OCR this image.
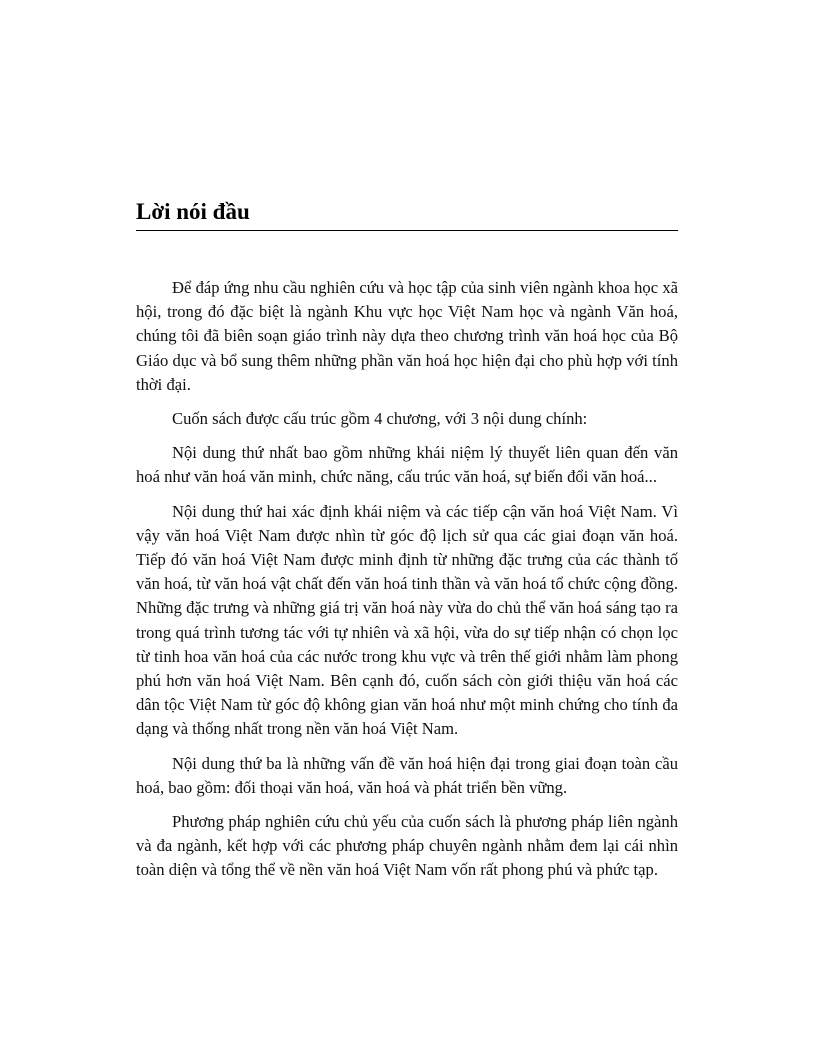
Lời nói đầu

Để đáp ứng nhu cầu nghiên cứu và học tập của sinh viên ngành khoa học xã hội, trong đó đặc biệt là ngành Khu vực học Việt Nam học và ngành Văn hoá, chúng tôi đã biên soạn giáo trình này dựa theo chương trình văn hoá học của Bộ Giáo dục và bổ sung thêm những phần văn hoá học hiện đại cho phù hợp với tính thời đại.

Cuốn sách được cấu trúc gồm 4 chương, với 3 nội dung chính:

Nội dung thứ nhất bao gồm những khái niệm lý thuyết liên quan đến văn hoá như văn hoá văn minh, chức năng, cấu trúc văn hoá, sự biến đổi văn hoá...

Nội dung thứ hai xác định khái niệm và các tiếp cận văn hoá Việt Nam. Vì vậy văn hoá Việt Nam được nhìn từ góc độ lịch sử qua các giai đoạn văn hoá. Tiếp đó văn hoá Việt Nam được minh định từ những đặc trưng của các thành tố văn hoá, từ văn hoá vật chất đến văn hoá tinh thần và văn hoá tổ chức cộng đồng. Những đặc trưng và những giá trị văn hoá này vừa do chủ thể văn hoá sáng tạo ra trong quá trình tương tác với tự nhiên và xã hội, vừa do sự tiếp nhận có chọn lọc từ tinh hoa văn hoá của các nước trong khu vực và trên thế giới nhằm làm phong phú hơn văn hoá Việt Nam. Bên cạnh đó, cuốn sách còn giới thiệu văn hoá các dân tộc Việt Nam từ góc độ không gian văn hoá như một minh chứng cho tính đa dạng và thống nhất trong nền văn hoá Việt Nam.

Nội dung thứ ba là những vấn đề văn hoá hiện đại trong giai đoạn toàn cầu hoá, bao gồm: đối thoại văn hoá, văn hoá và phát triển bền vững.

Phương pháp nghiên cứu chủ yếu của cuốn sách là phương pháp liên ngành và đa ngành, kết hợp với các phương pháp chuyên ngành nhằm đem lại cái nhìn toàn diện và tổng thể về nền văn hoá Việt Nam vốn rất phong phú và phức tạp.
